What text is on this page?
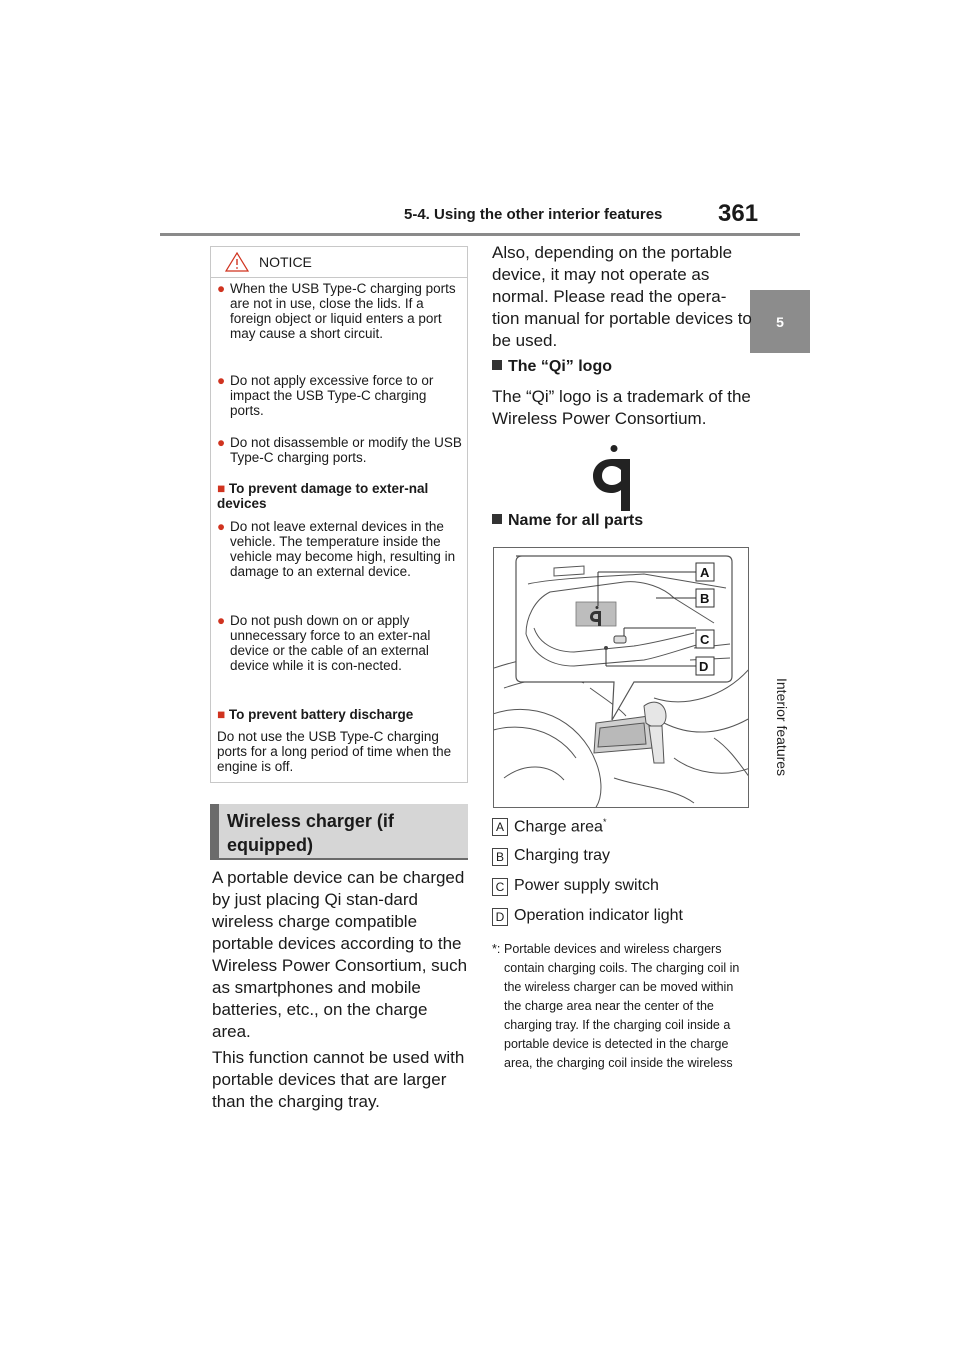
5-4. Using the other interior features 361
5
Interior features
NOTICE
● When the USB Type-C charging ports are not in use, close the lids. If a foreign object or liquid enters a port may cause a short circuit.
● Do not apply excessive force to or impact the USB Type-C charging ports.
● Do not disassemble or modify the USB Type-C charging ports.
■ To prevent damage to exter-nal devices
● Do not leave external devices in the vehicle. The temperature inside the vehicle may become high, resulting in damage to an external device.
● Do not push down on or apply unnecessary force to an exter-nal device or the cable of an external device while it is con-nected.
■ To prevent battery discharge
Do not use the USB Type-C charging ports for a long period of time when the engine is off.
Wireless charger (if
equipped)
A portable device can be charged by just placing Qi stan-dard wireless charge compatible portable devices according to the Wireless Power Consortium, such as smartphones and mobile batteries, etc., on the charge area.
This function cannot be used with portable devices that are larger than the charging tray.
Also, depending on the portable device, it may not operate as normal. Please read the opera-tion manual for portable devices to be used.
The “Qi” logo
The “Qi” logo is a trademark of the Wireless Power Consortium.
Name for all parts
A
B
C
D
A Charge area*
B Charging tray
C Power supply switch
D Operation indicator light
*: Portable devices and wireless chargers contain charging coils. The charging coil in the wireless charger can be moved within the charge area near the center of the charging tray. If the charging coil inside a portable device is detected in the charge area, the charging coil inside the wireless
